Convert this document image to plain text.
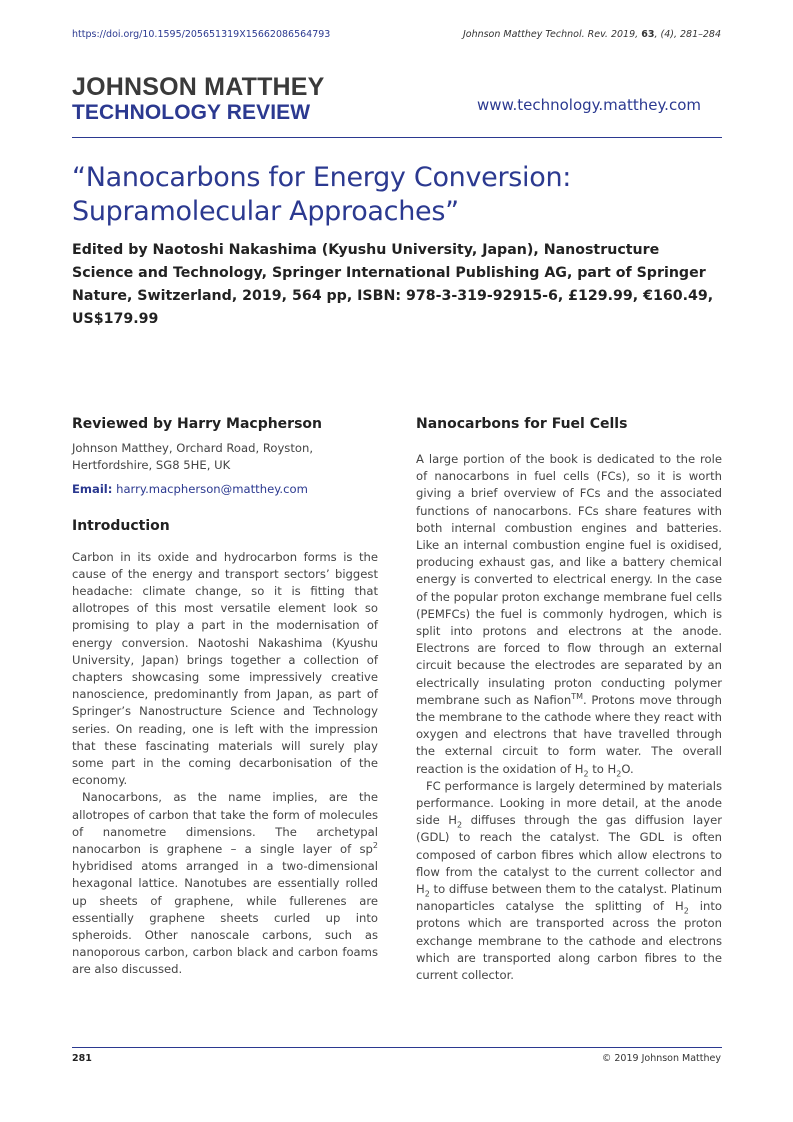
https://doi.org/10.1595/205651319X15662086564793	Johnson Matthey Technol. Rev. 2019, 63, (4), 281–284
JOHNSON MATTHEY
TECHNOLOGY REVIEW	www.technology.matthey.com
“Nanocarbons for Energy Conversion:
Supramolecular Approaches”
Edited by Naotoshi Nakashima (Kyushu University, Japan), Nanostructure Science and Technology, Springer International Publishing AG, part of Springer Nature, Switzerland, 2019, 564 pp, ISBN: 978-3-319-92915-6, £129.99, €160.49, US$179.99
Reviewed by Harry Macpherson
Johnson Matthey, Orchard Road, Royston,
Hertfordshire, SG8 5HE, UK
Email: harry.macpherson@matthey.com
Introduction

Carbon in its oxide and hydrocarbon forms is the cause of the energy and transport sectors’ biggest headache: climate change, so it is fitting that allotropes of this most versatile element look so promising to play a part in the modernisation of energy conversion. Naotoshi Nakashima (Kyushu University, Japan) brings together a collection of chapters showcasing some impressively creative nanoscience, predominantly from Japan, as part of Springer’s Nanostructure Science and Technology series. On reading, one is left with the impression that these fascinating materials will surely play some part in the coming decarbonisation of the economy.

Nanocarbons, as the name implies, are the allotropes of carbon that take the form of molecules of nanometre dimensions. The archetypal nanocarbon is graphene – a single layer of $sp^2$ hybridised atoms arranged in a two-dimensional hexagonal lattice. Nanotubes are essentially rolled up sheets of graphene, while fullerenes are essentially graphene sheets curled up into spheroids. Other nanoscale carbons, such as nanoporous carbon, carbon black and carbon foams are also discussed.

Nanocarbons for Fuel Cells

A large portion of the book is dedicated to the role of nanocarbons in fuel cells (FCs), so it is worth giving a brief overview of FCs and the associated functions of nanocarbons. FCs share features with both internal combustion engines and batteries. Like an internal combustion engine fuel is oxidised, producing exhaust gas, and like a battery chemical energy is converted to electrical energy. In the case of the popular proton exchange membrane fuel cells (PEMFCs) the fuel is commonly hydrogen, which is split into protons and electrons at the anode. Electrons are forced to flow through an external circuit because the electrodes are separated by an electrically insulating proton conducting polymer membrane such as Nafion™. Protons move through the membrane to the cathode where they react with oxygen and electrons that have travelled through the external circuit to form water. The overall reaction is the oxidation of $H_2$ to $H_2O$.

FC performance is largely determined by materials performance. Looking in more detail, at the anode side $H_2$ diffuses through the gas diffusion layer (GDL) to reach the catalyst. The GDL is often composed of carbon fibres which allow electrons to flow from the catalyst to the current collector and $H_2$ to diffuse between them to the catalyst. Platinum nanoparticles catalyse the splitting of $H_2$ into protons which are transported across the proton exchange membrane to the cathode and electrons which are transported along carbon fibres to the current collector.

281	© 2019 Johnson Matthey
